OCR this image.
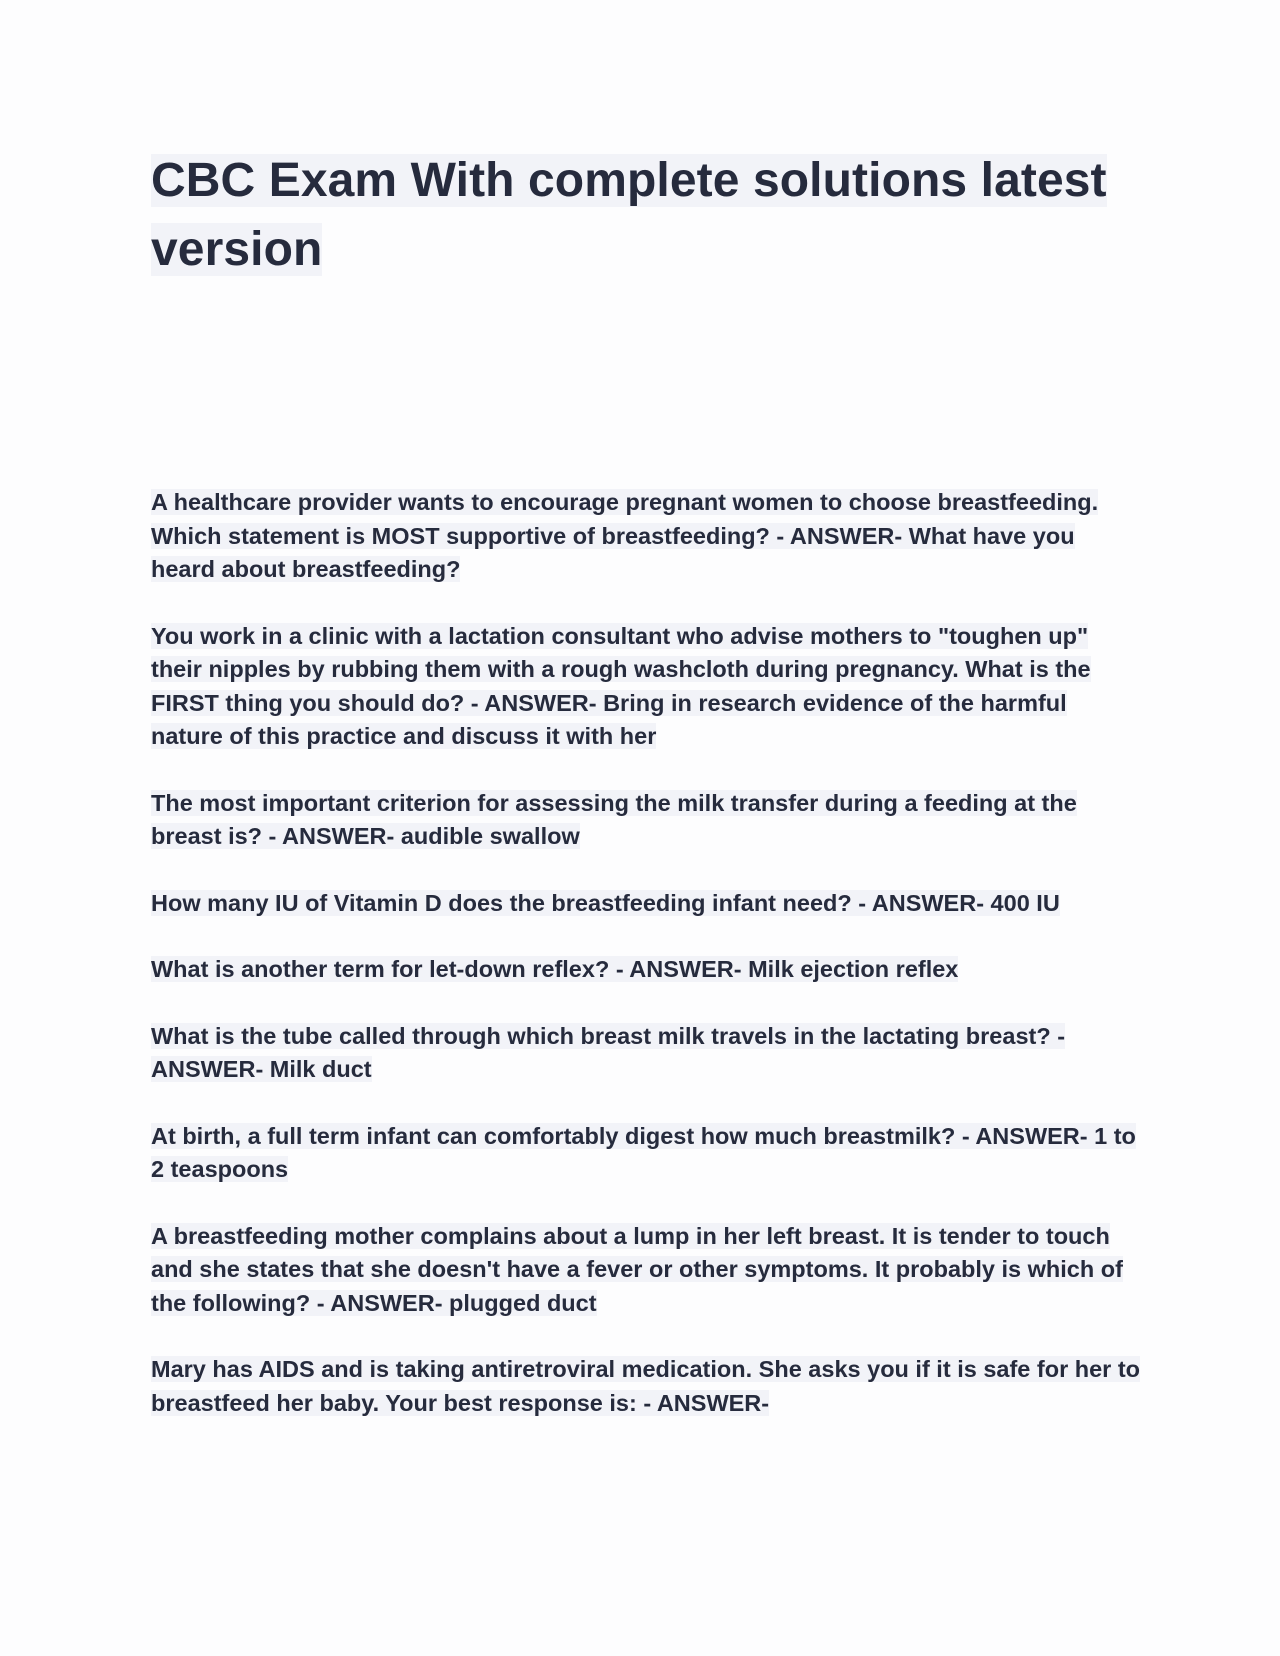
CBC Exam With complete solutions latest version

A healthcare provider wants to encourage pregnant women to choose breastfeeding. Which statement is MOST supportive of breastfeeding? - ANSWER- What have you heard about breastfeeding?

You work in a clinic with a lactation consultant who advise mothers to "toughen up" their nipples by rubbing them with a rough washcloth during pregnancy. What is the FIRST thing you should do? - ANSWER- Bring in research evidence of the harmful nature of this practice and discuss it with her

The most important criterion for assessing the milk transfer during a feeding at the breast is? - ANSWER- audible swallow

How many IU of Vitamin D does the breastfeeding infant need? - ANSWER- 400 IU

What is another term for let-down reflex? - ANSWER- Milk ejection reflex

What is the tube called through which breast milk travels in the lactating breast? - ANSWER- Milk duct

At birth, a full term infant can comfortably digest how much breastmilk? - ANSWER- 1 to 2 teaspoons

A breastfeeding mother complains about a lump in her left breast. It is tender to touch and she states that she doesn't have a fever or other symptoms. It probably is which of the following? - ANSWER- plugged duct

Mary has AIDS and is taking antiretroviral medication. She asks you if it is safe for her to breastfeed her baby. Your best response is: - ANSWER-
